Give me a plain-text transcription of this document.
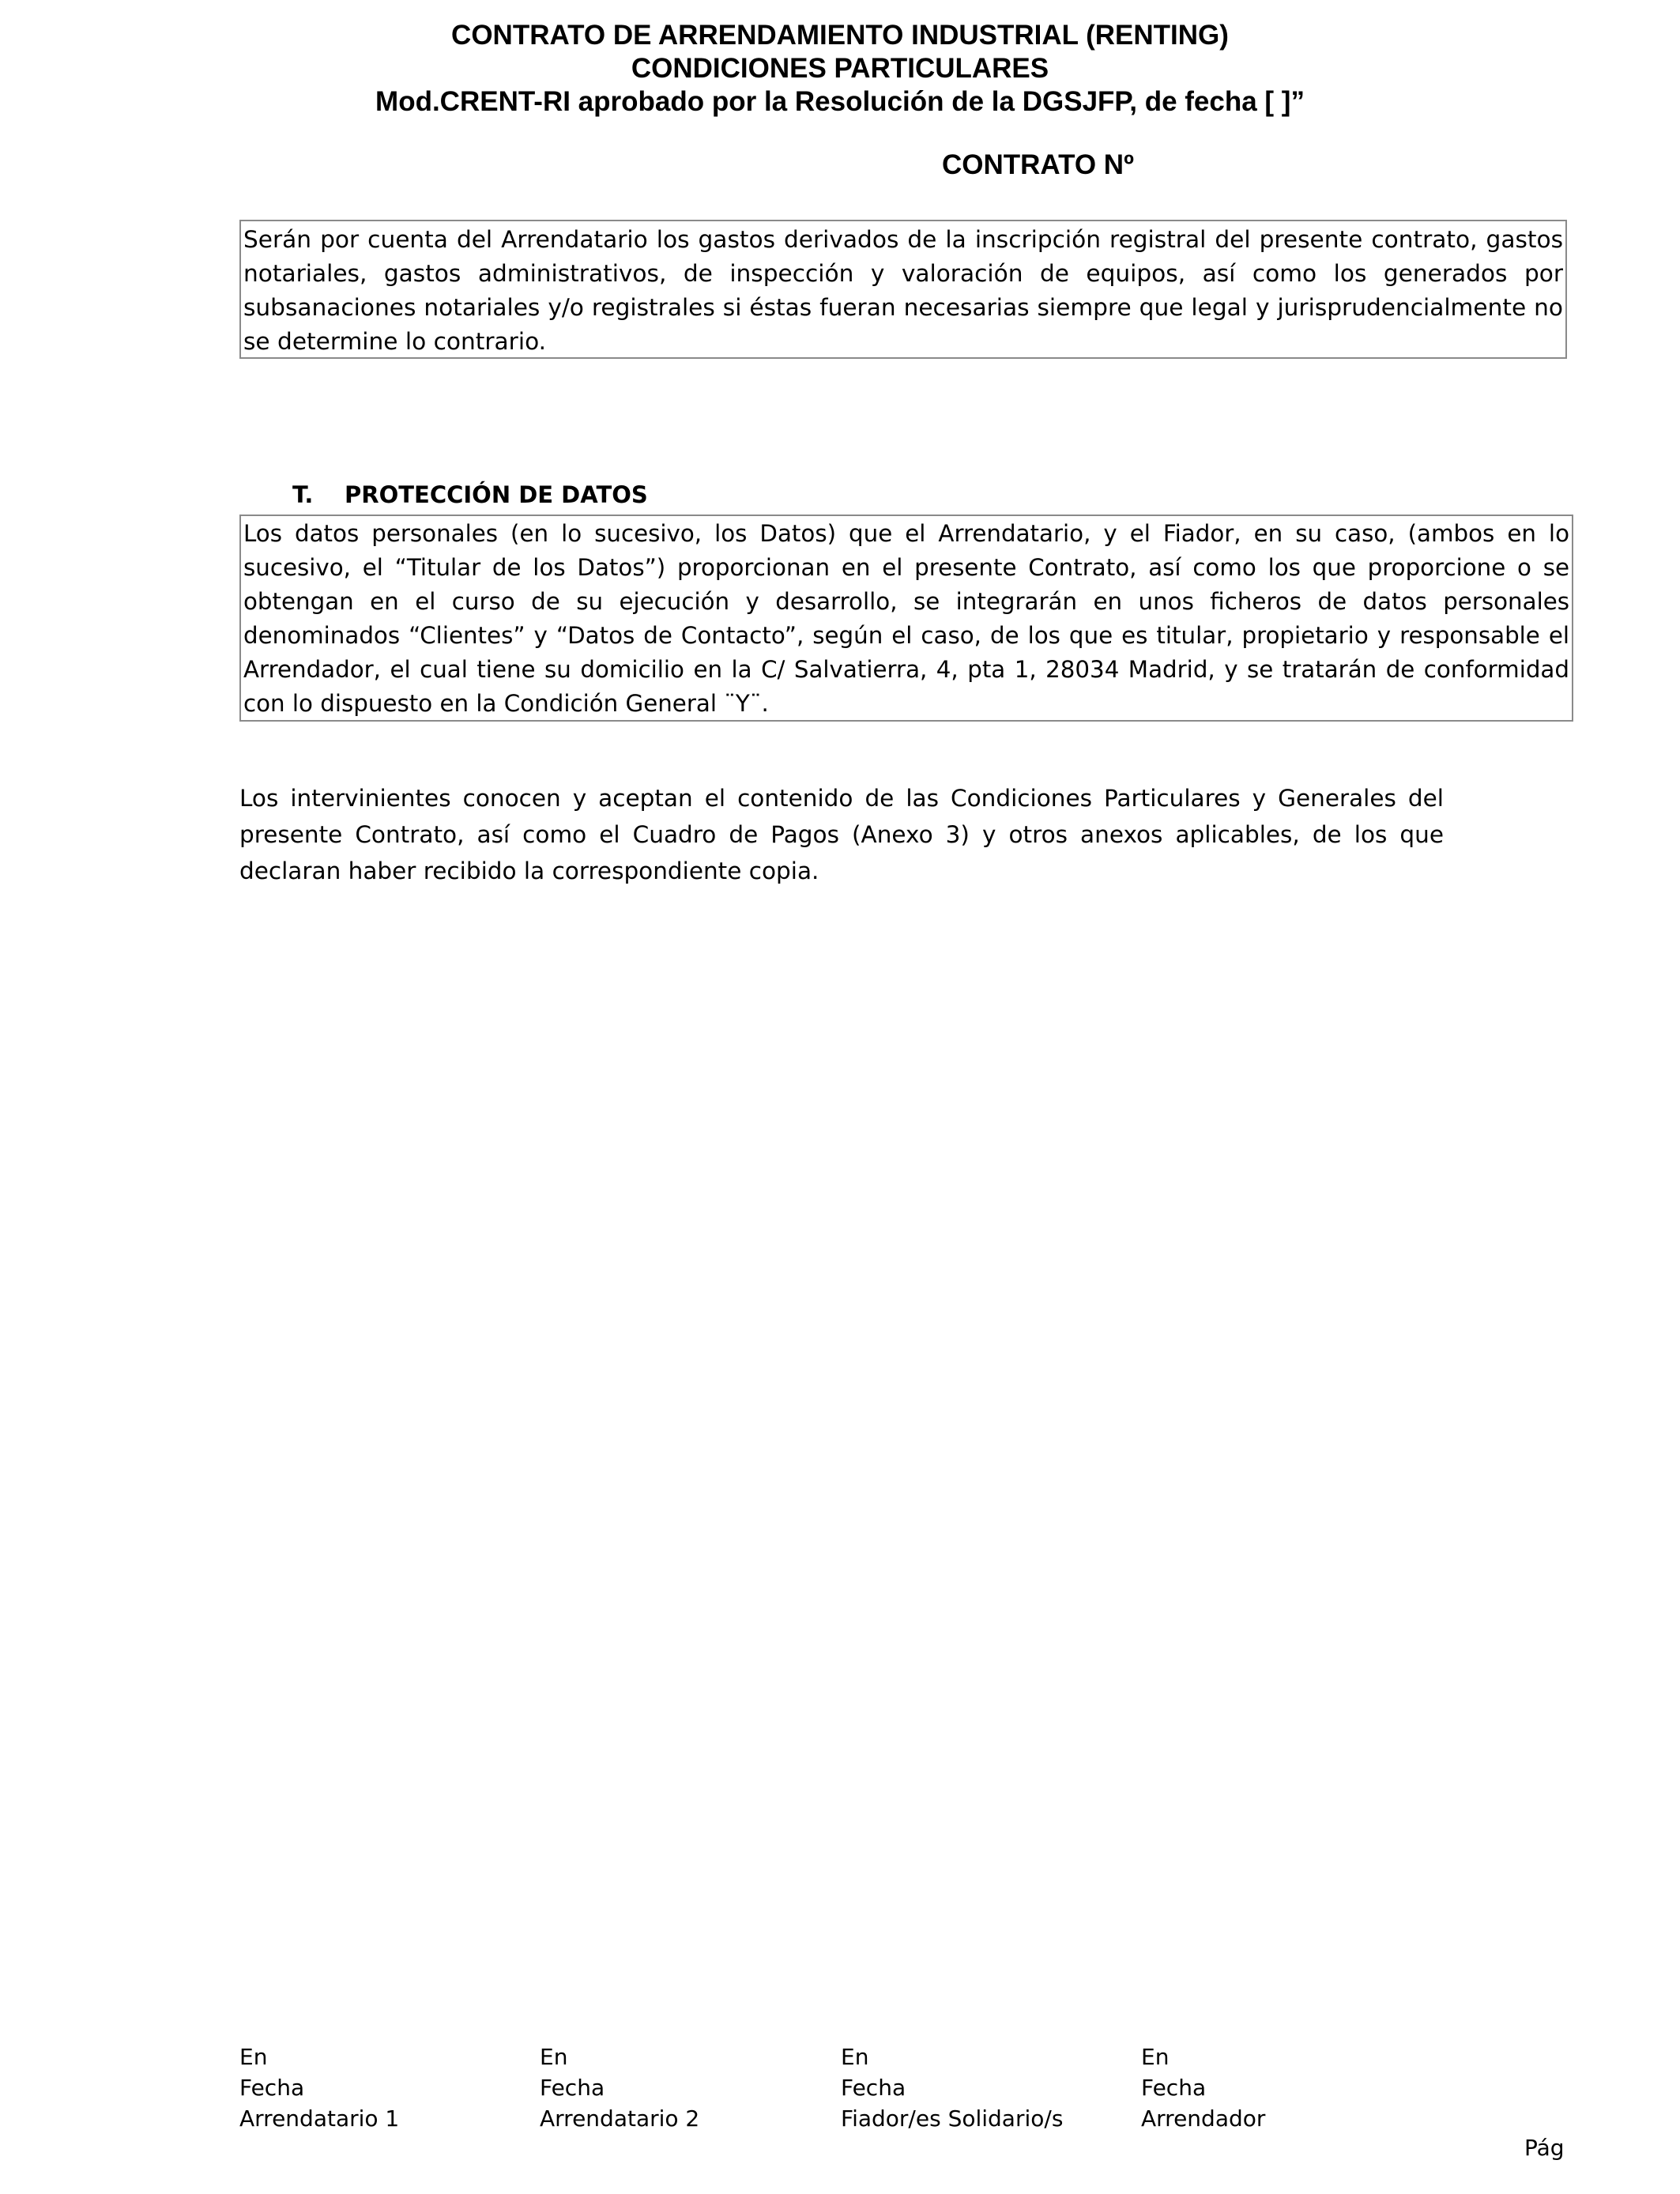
CONTRATO DE ARRENDAMIENTO INDUSTRIAL (RENTING)
CONDICIONES PARTICULARES
Mod.CRENT-RI aprobado por la Resolución de la DGSJFP, de fecha [ ]”
CONTRATO Nº
Serán por cuenta del Arrendatario los gastos derivados de la inscripción registral del presente contrato, gastos notariales, gastos administrativos, de inspección y valoración de equipos, así como los generados por subsanaciones notariales y/o registrales si éstas fueran necesarias siempre que legal y jurisprudencialmente no se determine lo contrario.
T. PROTECCIÓN DE DATOS
Los datos personales (en lo sucesivo, los Datos) que el Arrendatario, y el Fiador, en su caso, (ambos en lo sucesivo, el “Titular de los Datos”) proporcionan en el presente Contrato, así como los que proporcione o se obtengan en el curso de su ejecución y desarrollo, se integrarán en unos ficheros de datos personales denominados “Clientes” y “Datos de Contacto”, según el caso, de los que es titular, propietario y responsable el Arrendador, el cual tiene su domicilio en la C/ Salvatierra, 4, pta 1, 28034 Madrid, y se tratarán de conformidad con lo dispuesto en la Condición General ¨Y¨.
Los intervinientes conocen y aceptan el contenido de las Condiciones Particulares y Generales del presente Contrato, así como el Cuadro de Pagos (Anexo 3) y otros anexos aplicables, de los que declaran haber recibido la correspondiente copia.
En
Fecha
Arrendatario 1
En
Fecha
Arrendatario 2
En
Fecha
Fiador/es Solidario/s
En
Fecha
Arrendador
Pág
